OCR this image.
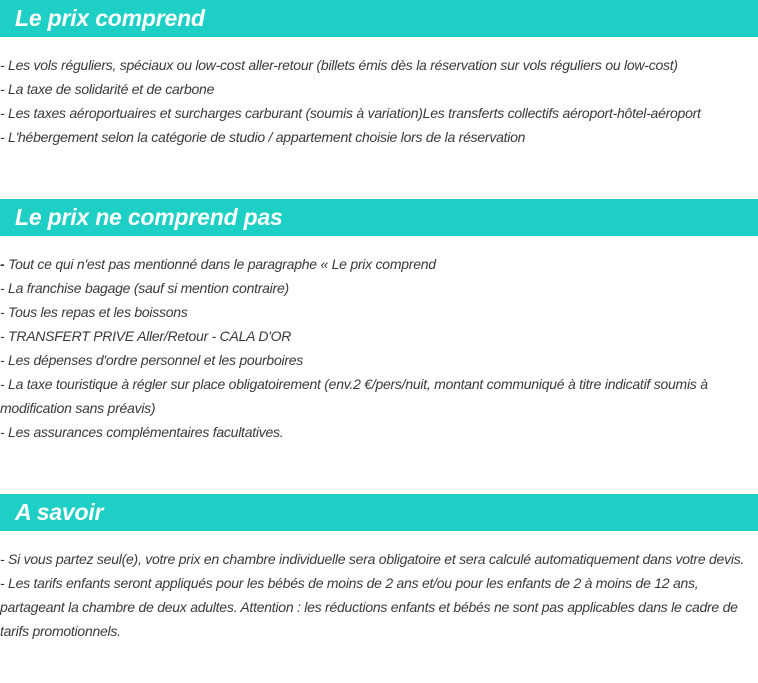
Le prix comprend
- Les vols réguliers, spéciaux ou low-cost aller-retour (billets émis dès la réservation sur vols réguliers ou low-cost)
- La taxe de solidarité et de carbone
- Les taxes aéroportuaires et surcharges carburant (soumis à variation)Les transferts collectifs aéroport-hôtel-aéroport
- L'hébergement selon la catégorie de studio / appartement choisie lors de la réservation
Le prix ne comprend pas
- Tout ce qui n'est pas mentionné dans le paragraphe « Le prix comprend
- La franchise bagage (sauf si mention contraire)
- Tous les repas et les boissons
- TRANSFERT PRIVE Aller/Retour - CALA D'OR
- Les dépenses d'ordre personnel et les pourboires
- La taxe touristique à régler sur place obligatoirement (env.2 €/pers/nuit, montant communiqué à titre indicatif soumis à modification sans préavis)
- Les assurances complémentaires facultatives.
A savoir
- Si vous partez seul(e), votre prix en chambre individuelle sera obligatoire et sera calculé automatiquement dans votre devis.
- Les tarifs enfants seront appliqués pour les bébés de moins de 2 ans et/ou pour les enfants de 2 à moins de 12 ans, partageant la chambre de deux adultes. Attention : les réductions enfants et bébés ne sont pas applicables dans le cadre de tarifs promotionnels.
